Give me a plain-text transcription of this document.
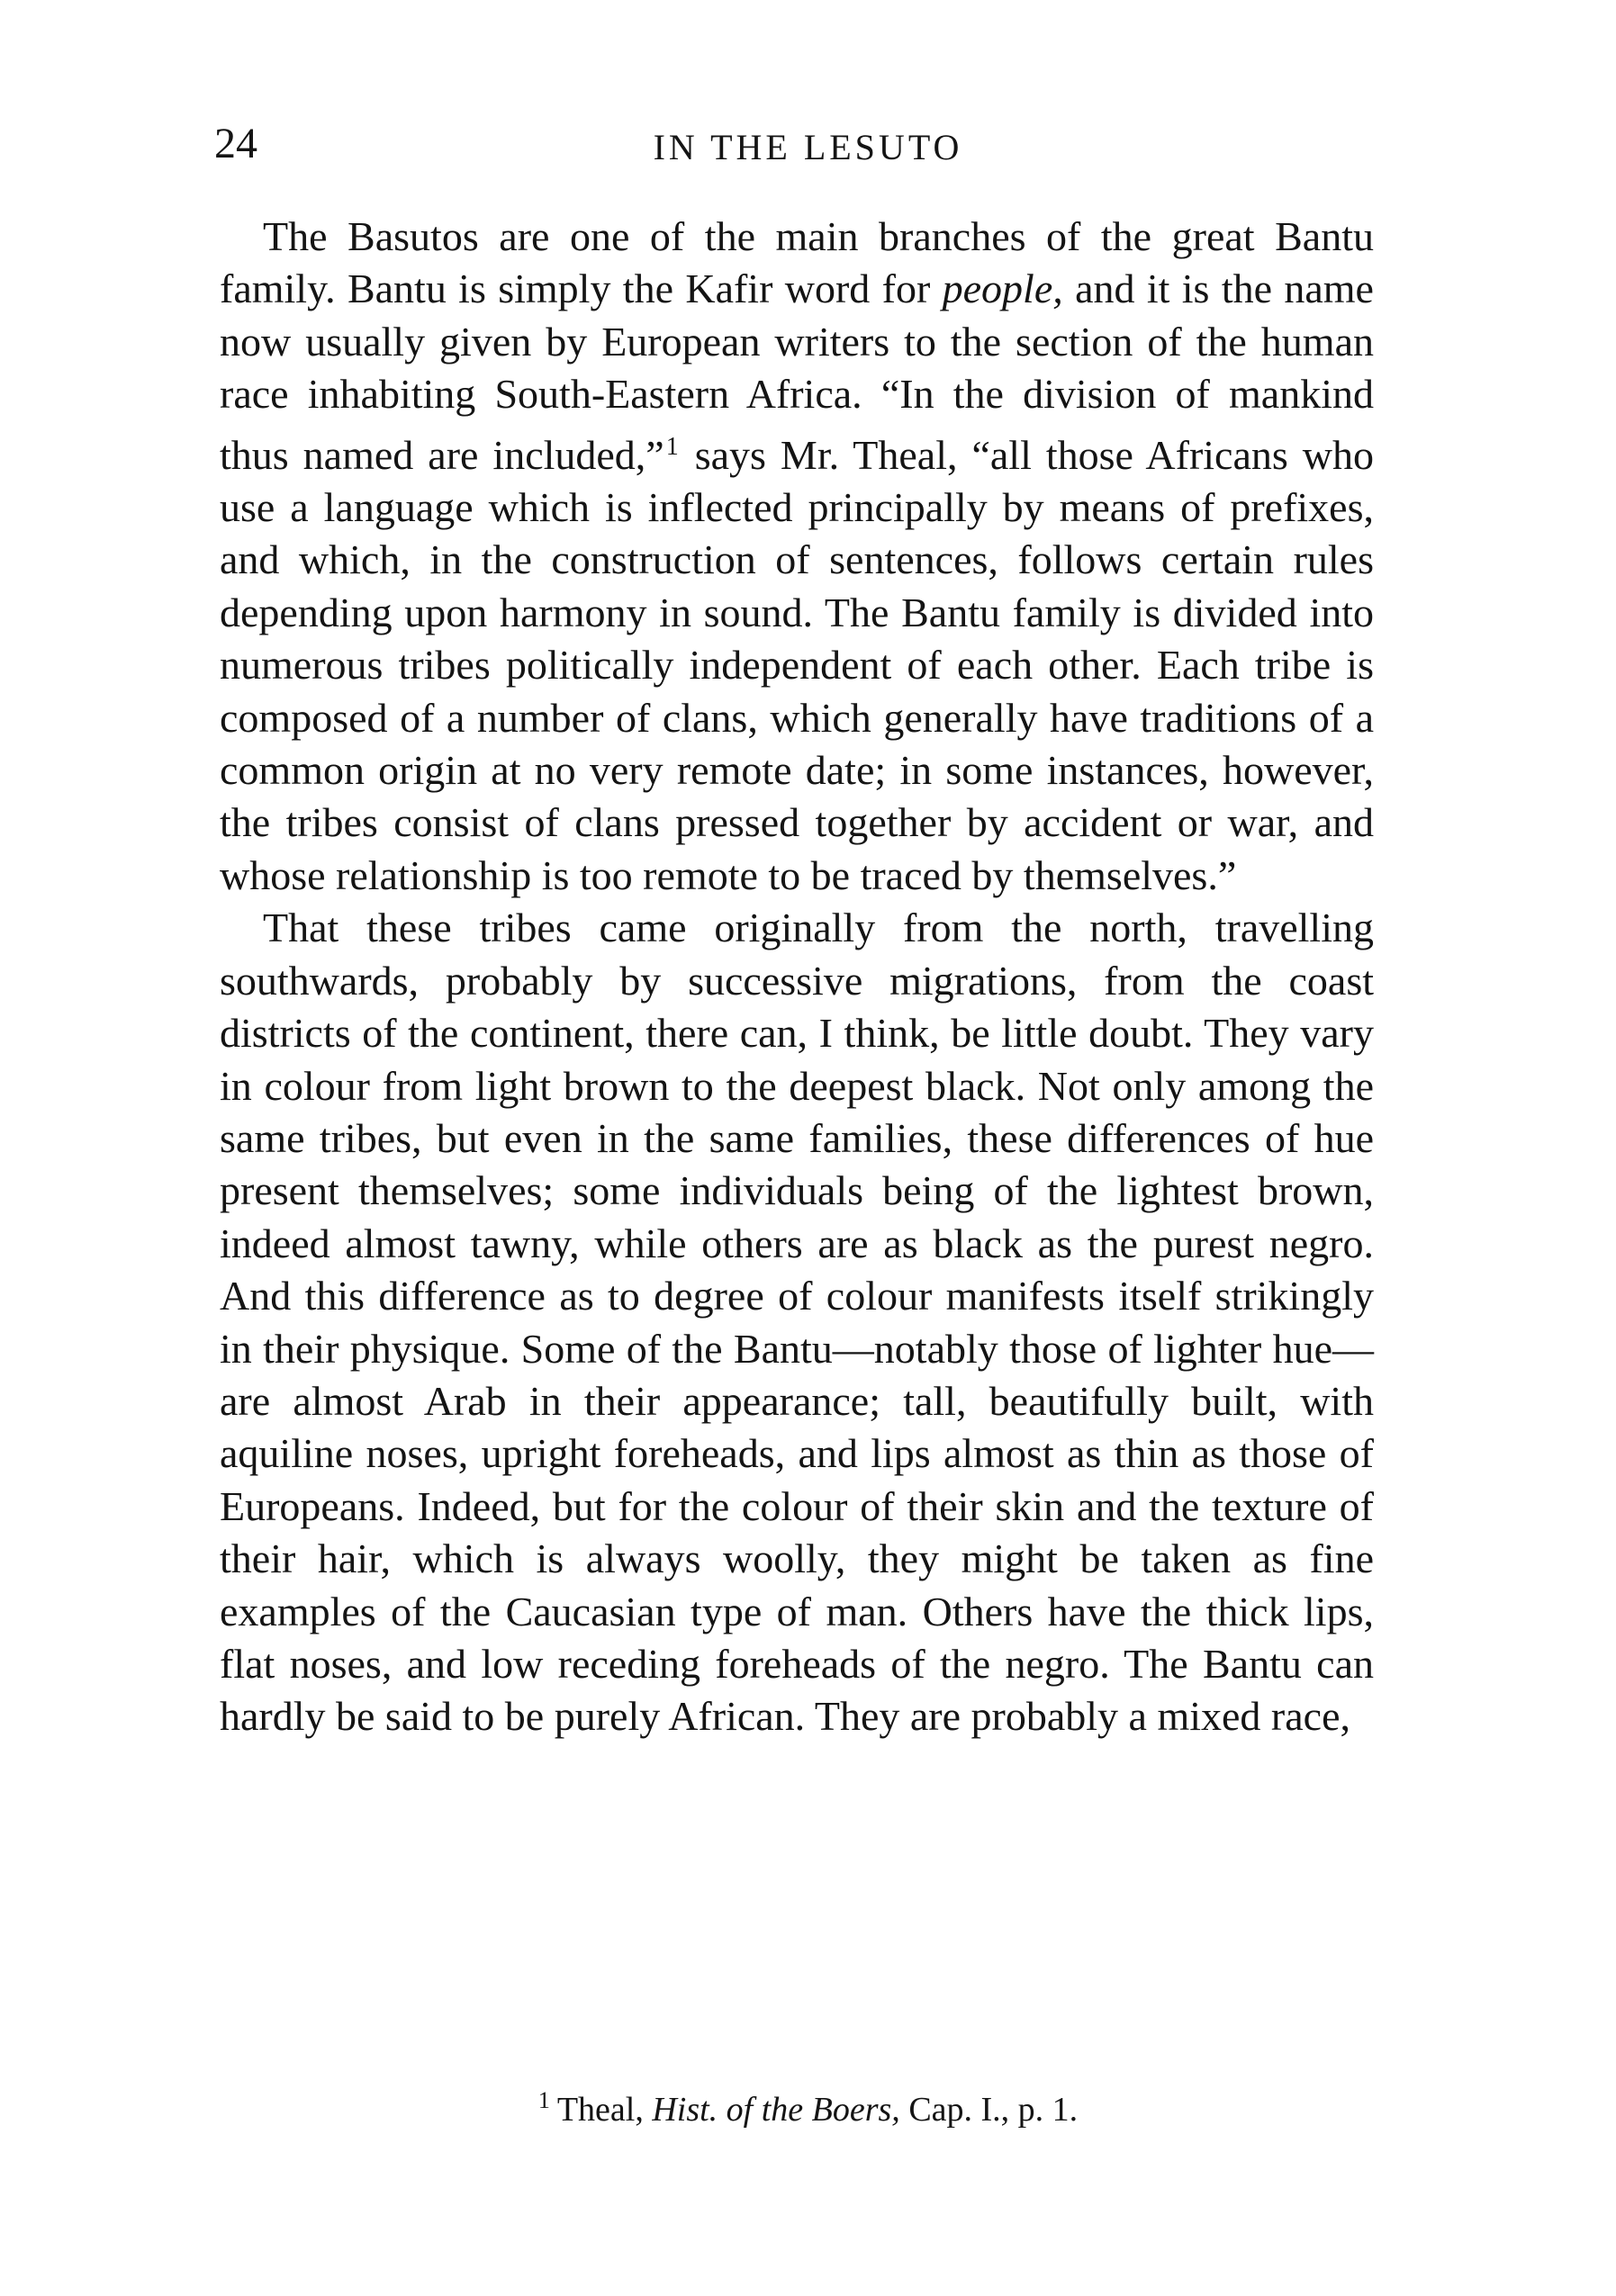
24	IN THE LESUTO

The Basutos are one of the main branches of the great Bantu family. Bantu is simply the Kafir word for people, and it is the name now usually given by European writers to the section of the human race inhabiting South-Eastern Africa. “In the division of mankind thus named are included,”$^1$ says Mr. Theal, “all those Africans who use a language which is inflected principally by means of prefixes, and which, in the construction of sentences, follows certain rules depending upon harmony in sound. The Bantu family is divided into numerous tribes politically independent of each other. Each tribe is composed of a number of clans, which generally have traditions of a common origin at no very remote date; in some instances, however, the tribes consist of clans pressed together by accident or war, and whose relationship is too remote to be traced by themselves.”

That these tribes came originally from the north, travelling southwards, probably by successive migrations, from the coast districts of the continent, there can, I think, be little doubt. They vary in colour from light brown to the deepest black. Not only among the same tribes, but even in the same families, these differences of hue present themselves; some individuals being of the lightest brown, indeed almost tawny, while others are as black as the purest negro. And this difference as to degree of colour manifests itself strikingly in their physique. Some of the Bantu—notably those of lighter hue—are almost Arab in their appearance; tall, beautifully built, with aquiline noses, upright foreheads, and lips almost as thin as those of Europeans. Indeed, but for the colour of their skin and the texture of their hair, which is always woolly, they might be taken as fine examples of the Caucasian type of man. Others have the thick lips, flat noses, and low receding foreheads of the negro. The Bantu can hardly be said to be purely African. They are probably a mixed race,

$^1$ Theal, Hist. of the Boers, Cap. I., p. 1.
